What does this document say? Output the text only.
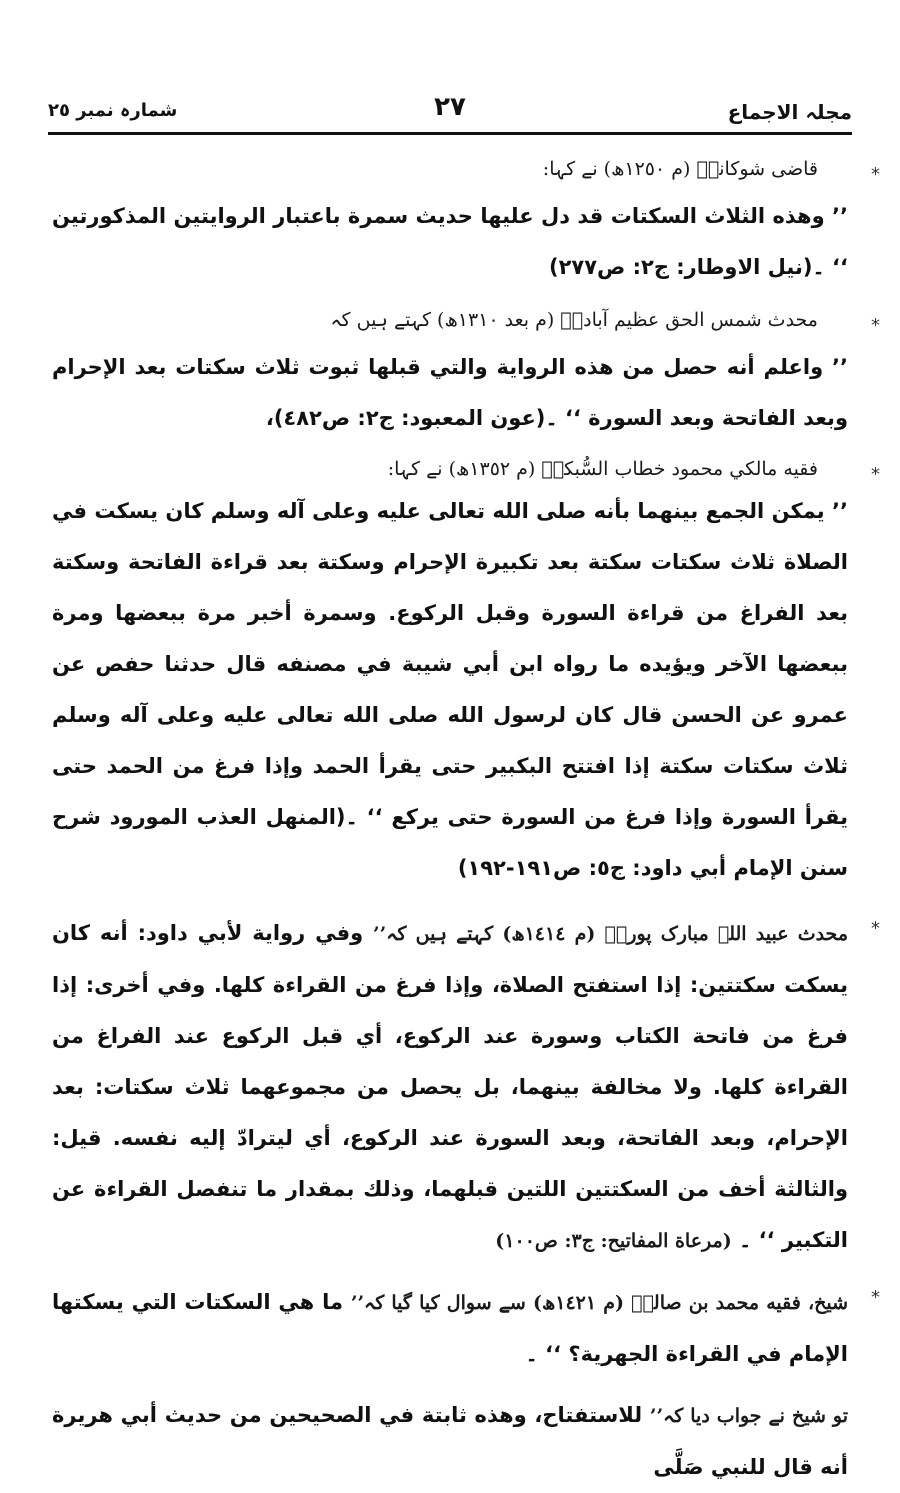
مجلہ الاجماع
٢٧
شمارہ نمبر ٢٥
*
قاضی شوکانیؒ (م ١٢٥٠ھ) نے کہا:
’’ وھذه الثلاث السكتات قد دل عليها حديث سمرة باعتبار الروايتين المذكورتين ‘‘ ۔(نيل الاوطار: ج٢: ص٢٧٧)
*
محدث شمس الحق عظیم آبادیؒ (م بعد ١٣١٠ھ) کہتے ہیں کہ
’’ واعلم أنه حصل من هذه الرواية والتي قبلها ثبوت ثلاث سكتات بعد الإحرام وبعد الفاتحة وبعد السورة ‘‘ ۔(عون المعبود: ج٢: ص٤٨٢)،
*
فقیه مالكي محمود خطاب السُّبكيؒ (م ١٣٥٢ھ) نے کہا:
’’ يمكن الجمع بينهما بأنه صلى الله تعالى عليه وعلى آله وسلم كان يسكت في الصلاة ثلاث سكتات سكتة بعد تكبيرة الإحرام وسكتة بعد قراءة الفاتحة وسكتة بعد الفراغ من قراءة السورة وقبل الركوع. وسمرة أخبر مرة ببعضها ومرة ببعضها الآخر ويؤيده ما رواه ابن أبي شيبة في مصنفه قال حدثنا حفص عن عمرو عن الحسن قال كان لرسول الله صلى الله تعالى عليه وعلى آله وسلم ثلاث سكتات سكتة إذا افتتح البكبير حتى يقرأ الحمد وإذا فرغ من الحمد حتى يقرأ السورة وإذا فرغ من السورة حتى يركع ‘‘ ۔(المنهل العذب المورود شرح سنن الإمام أبي داود: ج٥: ص١٩١-١٩٢)
*
محدث عبید اللہ مبارک پوریؒ (م ١٤١٤ھ) کہتے ہیں کہ’’ وفي رواية لأبي داود: أنه كان يسكت سكتتين: إذا استفتح الصلاة، وإذا فرغ من القراءة كلها. وفي أخرى: إذا فرغ من فاتحة الكتاب وسورة عند الركوع، أي قبل الركوع عند الفراغ من القراءة كلها. ولا مخالفة بينهما، بل يحصل من مجموعهما ثلاث سكتات: بعد الإحرام، وبعد الفاتحة، وبعد السورة عند الركوع، أي ليترادّ إليه نفسه. قيل: والثالثة أخف من السكتتين اللتين قبلهما، وذلك بمقدار ما تنفصل القراءة عن التكبير ‘‘ ۔ (مرعاة المفاتيح: ج٣: ص١٠٠)
*
شیخ، فقیه محمد بن صالحؒ (م ١٤٢١ھ) سے سوال کیا گیا کہ’’ ما هي السكتات التي يسكتها الإمام في القراءة الجهرية؟ ‘‘ ۔
تو شیخ نے جواب دیا کہ’’ للاستفتاح، وهذه ثابتة في الصحيحين من حديث أبي هريرة أنه قال للنبي صَلَّى
